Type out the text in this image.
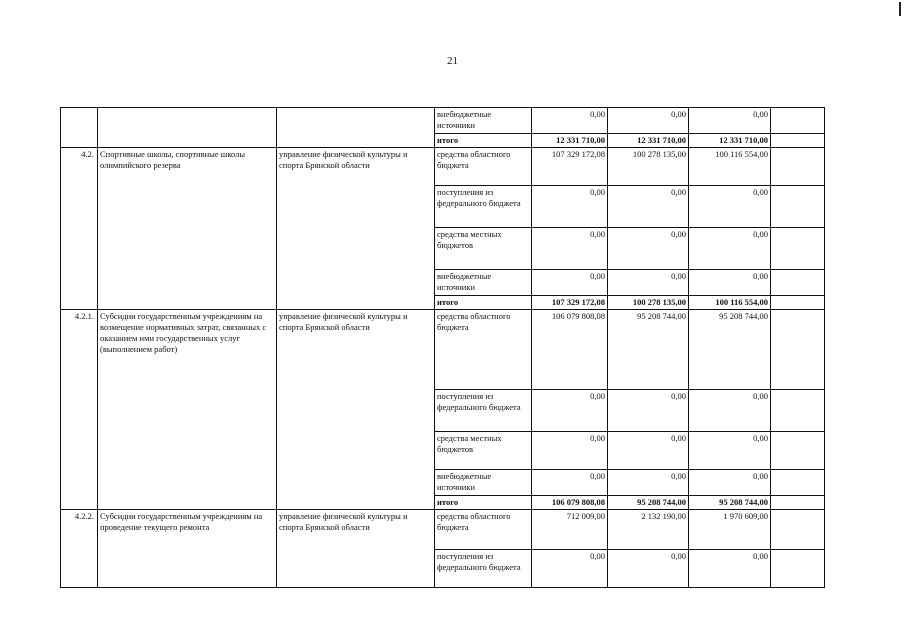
21
			внебюджетные источники	0,00	0,00	0,00	
			итого	12 331 710,00	12 331 710,00	12 331 710,00	
4.2.	Спортивные школы, спортивные школы олимпийского резерва	управление физической культуры и спорта Брянской области	средства областного бюджета	107 329 172,08	100 278 135,00	100 116 554,00	
			поступления из федерального бюджета	0,00	0,00	0,00	
			средства местных бюджетов	0,00	0,00	0,00	
			внебюджетные источники	0,00	0,00	0,00	
			итого	107 329 172,08	100 278 135,00	100 116 554,00	
4.2.1.	Субсидии государственным учреждениям на возмещение нормативных затрат, связанных с оказанием ими государственных услуг (выполнением работ)	управление физической культуры и спорта Брянской области	средства областного бюджета	106 079 808,08	95 208 744,00	95 208 744,00	
			поступления из федерального бюджета	0,00	0,00	0,00	
			средства местных бюджетов	0,00	0,00	0,00	
			внебюджетные источники	0,00	0,00	0,00	
			итого	106 079 808,08	95 208 744,00	95 208 744,00	
4.2.2.	Субсидии государственным учреждениям на проведение текущего ремонта	управление физической культуры и спорта Брянской области	средства областного бюджета	712 009,00	2 132 190,00	1 970 609,00	
			поступления из федерального бюджета	0,00	0,00	0,00	
